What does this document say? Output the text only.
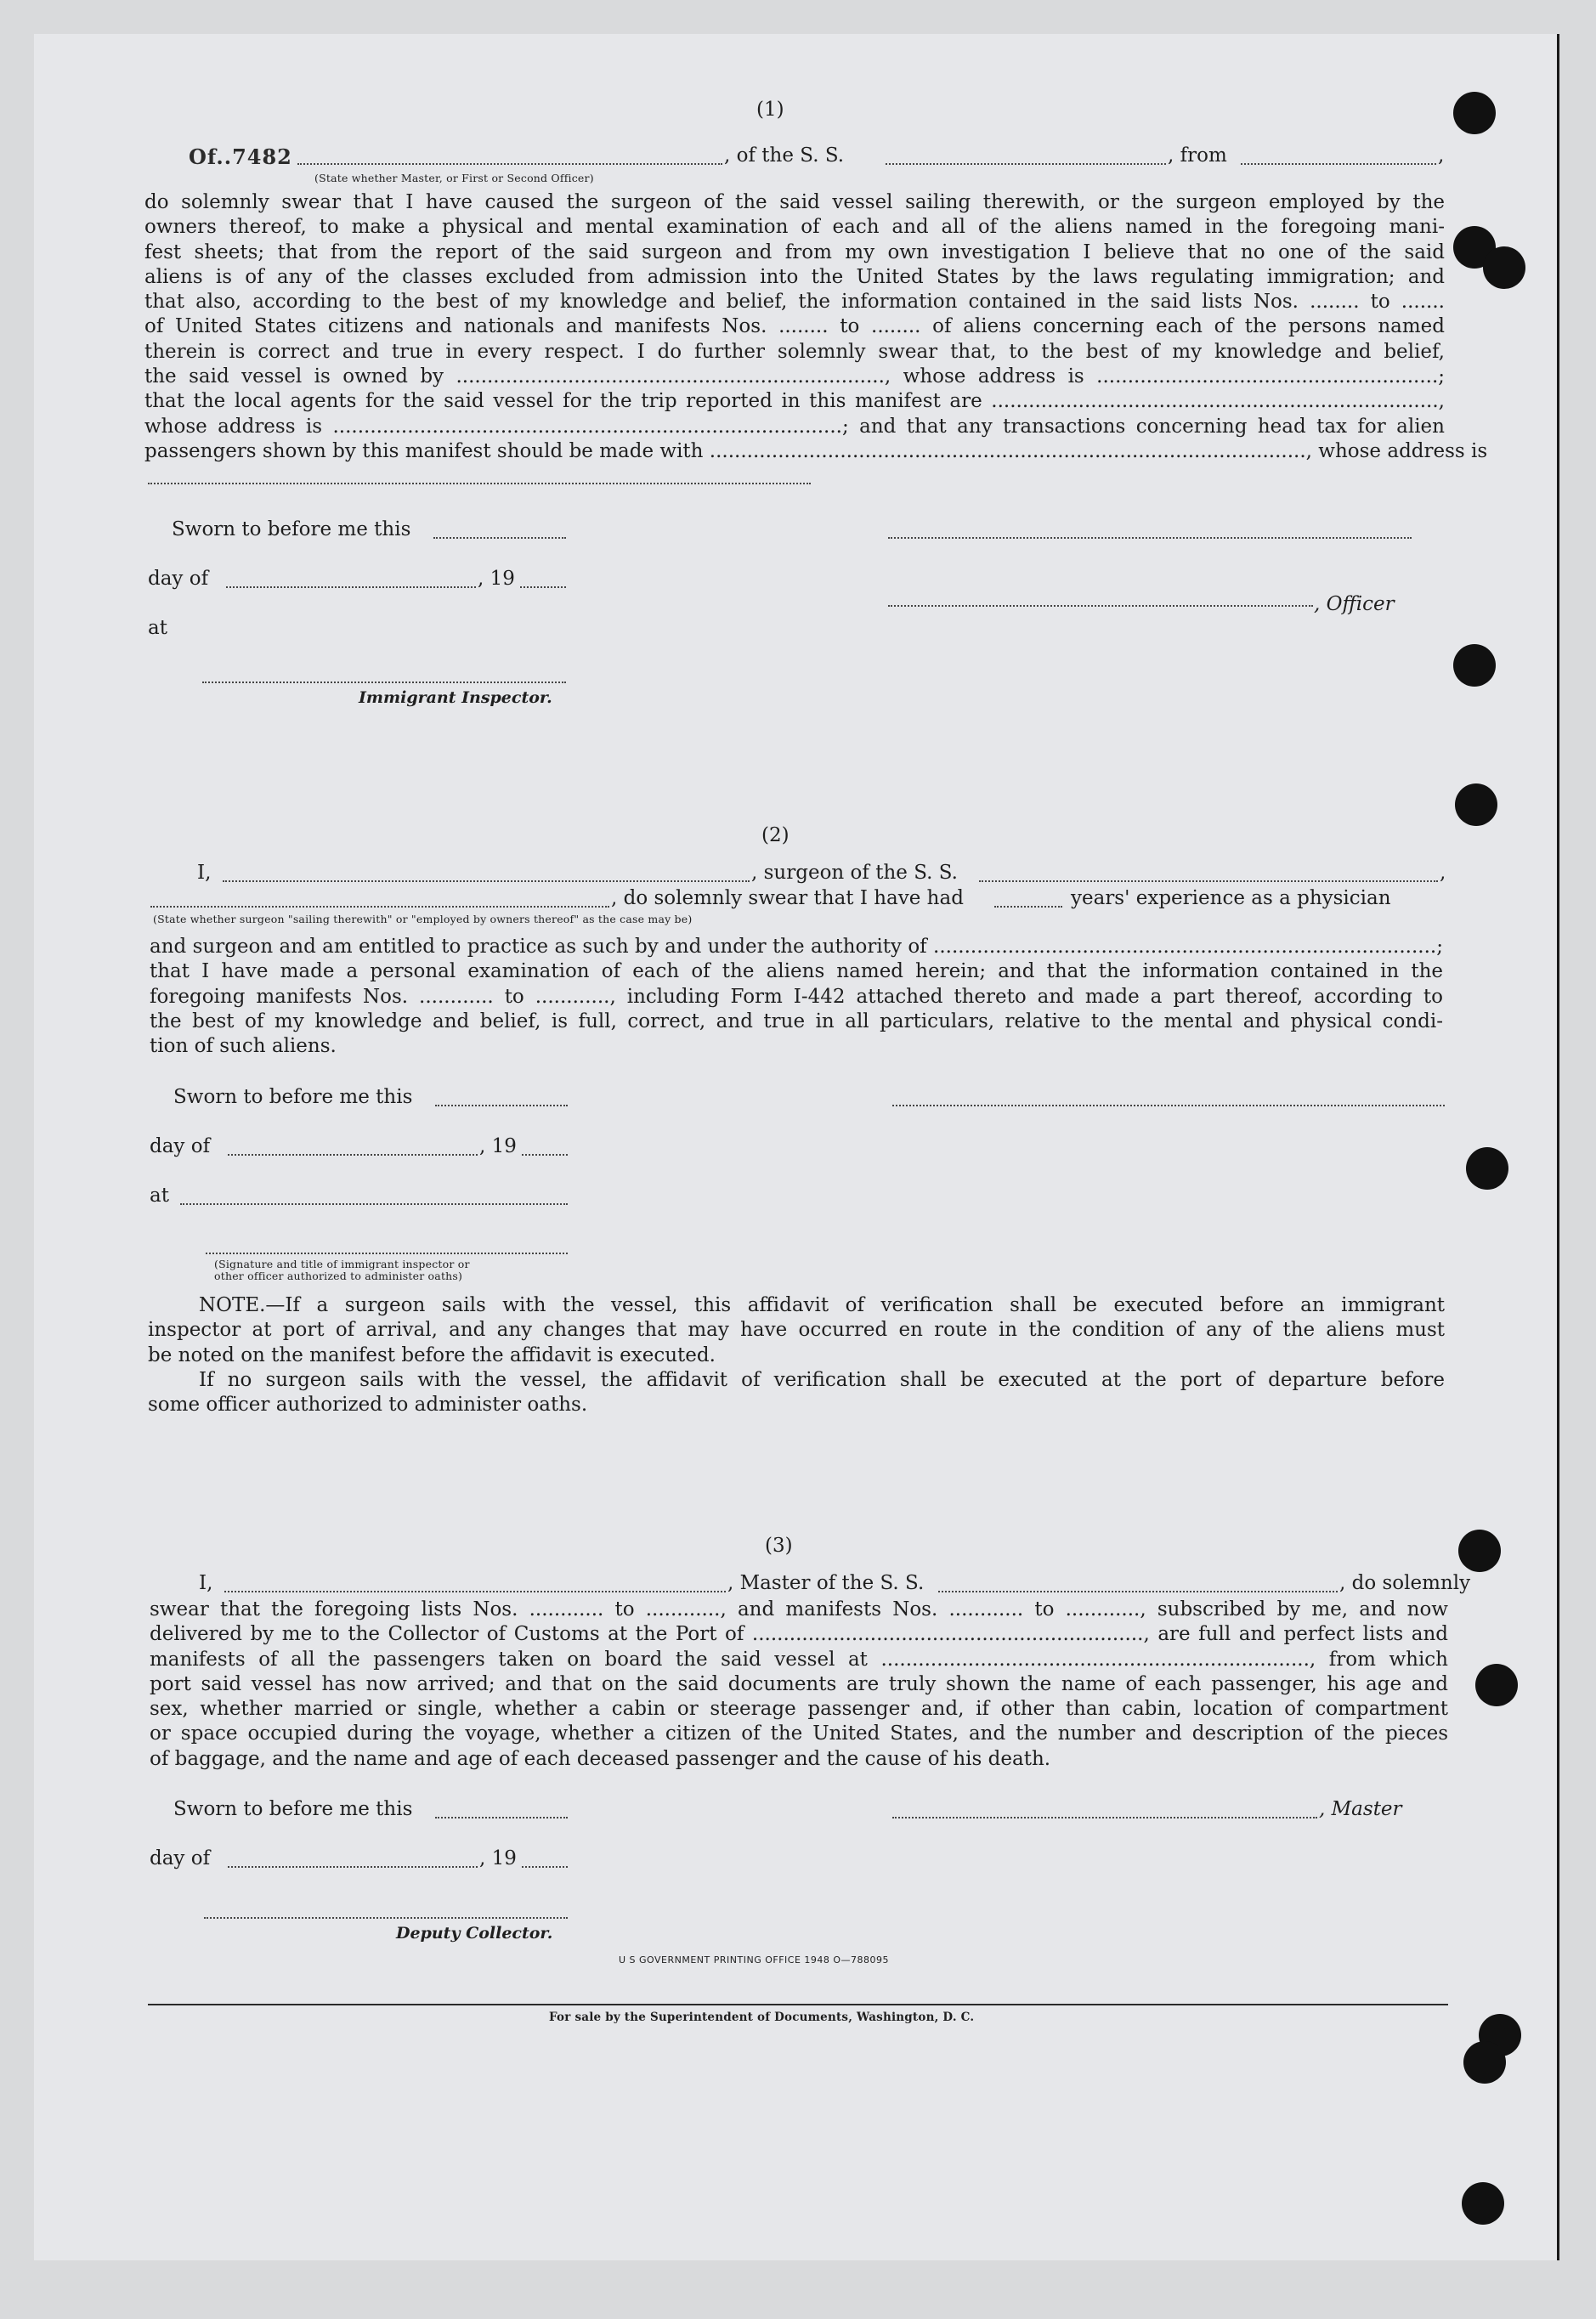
(1)
Of..7482	, of the S. S.	, from	,
(State whether Master, or First or Second Officer)
do solemnly swear that I have caused the surgeon of the said vessel sailing therewith, or the surgeon employed by the
owners thereof, to make a physical and mental examination of each and all of the aliens named in the foregoing mani-
fest sheets; that from the report of the said surgeon and from my own investigation I believe that no one of the said
aliens is of any of the classes excluded from admission into the United States by the laws regulating immigration; and
that also, according to the best of my knowledge and belief, the information contained in the said lists Nos. ........ to .......
of United States citizens and nationals and manifests Nos. ........ to ........ of aliens concerning each of the persons named
therein is correct and true in every respect. I do further solemnly swear that, to the best of my knowledge and belief,
the said vessel is owned by ....................................................................., whose address is .......................................................;
that the local agents for the said vessel for the trip reported in this manifest are ........................................................................,
whose address is ..................................................................................; and that any transactions concerning head tax for alien
passengers shown by this manifest should be made with ................................................................................................, whose address is
Sworn to before me this
day of	, 19
, Officer
at
Immigrant Inspector.
(2)
I,	, surgeon of the S. S.	,
, do solemnly swear that I have had	years' experience as a physician
(State whether surgeon "sailing therewith" or "employed by owners thereof" as the case may be)
and surgeon and am entitled to practice as such by and under the authority of .................................................................................;
that I have made a personal examination of each of the aliens named herein; and that the information contained in the
foregoing manifests Nos. ............ to ............, including Form I-442 attached thereto and made a part thereof, according to
the best of my knowledge and belief, is full, correct, and true in all particulars, relative to the mental and physical condi-
tion of such aliens.
Sworn to before me this
day of	, 19
at
(Signature and title of immigrant inspector or
other officer authorized to administer oaths)
NOTE.—If a surgeon sails with the vessel, this affidavit of verification shall be executed before an immigrant
inspector at port of arrival, and any changes that may have occurred en route in the condition of any of the aliens must
be noted on the manifest before the affidavit is executed.
If no surgeon sails with the vessel, the affidavit of verification shall be executed at the port of departure before
some officer authorized to administer oaths.
(3)
I,	, Master of the S. S.	, do solemnly
swear that the foregoing lists Nos. ............ to ............, and manifests Nos. ............ to ............, subscribed by me, and now
delivered by me to the Collector of Customs at the Port of ..............................................................., are full and perfect lists and
manifests of all the passengers taken on board the said vessel at ....................................................................., from which
port said vessel has now arrived; and that on the said documents are truly shown the name of each passenger, his age and
sex, whether married or single, whether a cabin or steerage passenger and, if other than cabin, location of compartment
or space occupied during the voyage, whether a citizen of the United States, and the number and description of the pieces
of baggage, and the name and age of each deceased passenger and the cause of his death.
Sworn to before me this	, Master
day of	, 19
Deputy Collector.
U S GOVERNMENT PRINTING OFFICE 1948 O—788095
For sale by the Superintendent of Documents, Washington, D. C.
